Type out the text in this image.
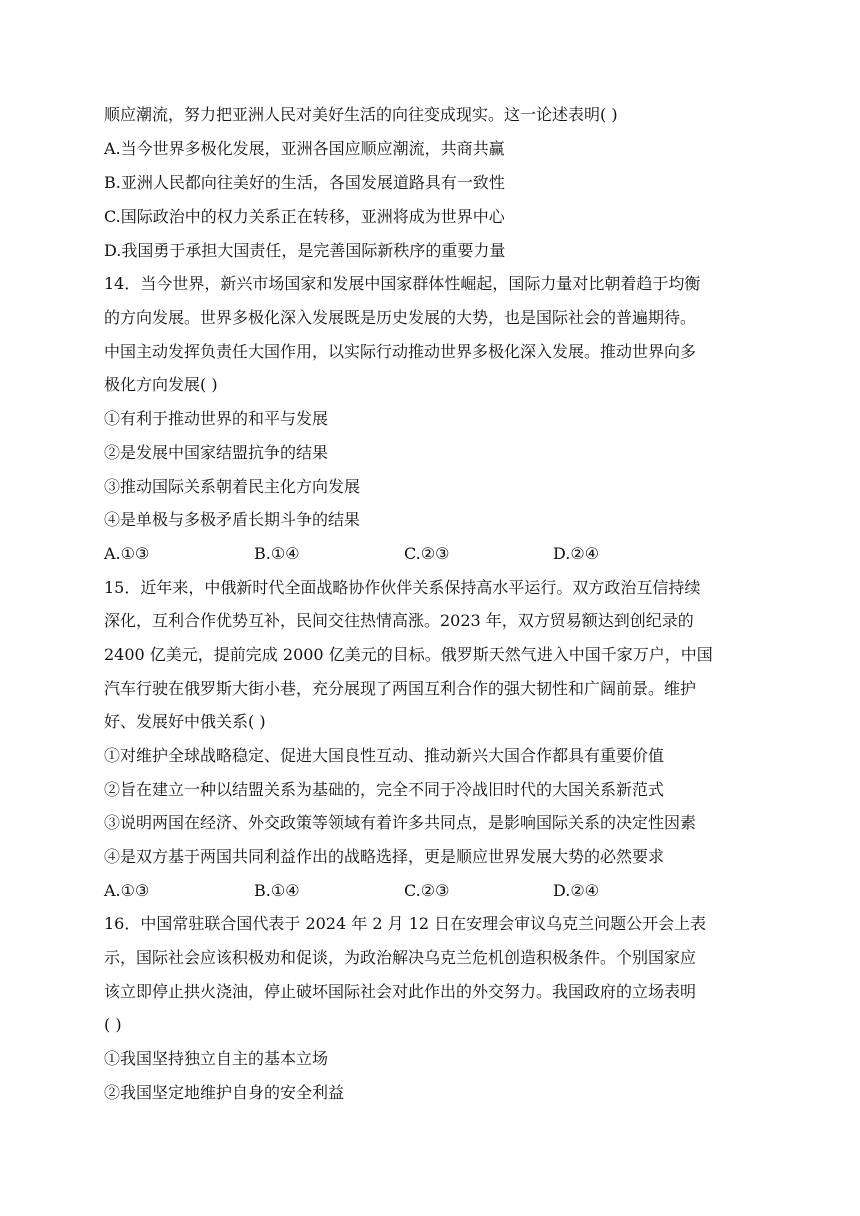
顺应潮流，努力把亚洲人民对美好生活的向往变成现实。这一论述表明( )
A.当今世界多极化发展，亚洲各国应顺应潮流，共商共赢
B.亚洲人民都向往美好的生活，各国发展道路具有一致性
C.国际政治中的权力关系正在转移，亚洲将成为世界中心
D.我国勇于承担大国责任，是完善国际新秩序的重要力量
14．当今世界，新兴市场国家和发展中国家群体性崛起，国际力量对比朝着趋于均衡
的方向发展。世界多极化深入发展既是历史发展的大势，也是国际社会的普遍期待。
中国主动发挥负责任大国作用，以实际行动推动世界多极化深入发展。推动世界向多
极化方向发展( )
①有利于推动世界的和平与发展
②是发展中国家结盟抗争的结果
③推动国际关系朝着民主化方向发展
④是单极与多极矛盾长期斗争的结果
A.①③	B.①④	C.②③	D.②④
15．近年来，中俄新时代全面战略协作伙伴关系保持高水平运行。双方政治互信持续
深化，互利合作优势互补，民间交往热情高涨。2023 年，双方贸易额达到创纪录的
2400 亿美元，提前完成 2000 亿美元的目标。俄罗斯天然气进入中国千家万户，中国
汽车行驶在俄罗斯大街小巷，充分展现了两国互利合作的强大韧性和广阔前景。维护
好、发展好中俄关系( )
①对维护全球战略稳定、促进大国良性互动、推动新兴大国合作都具有重要价值
②旨在建立一种以结盟关系为基础的，完全不同于冷战旧时代的大国关系新范式
③说明两国在经济、外交政策等领域有着许多共同点，是影响国际关系的决定性因素
④是双方基于两国共同利益作出的战略选择，更是顺应世界发展大势的必然要求
A.①③	B.①④	C.②③	D.②④
16．中国常驻联合国代表于 2024 年 2 月 12 日在安理会审议乌克兰问题公开会上表
示，国际社会应该积极劝和促谈，为政治解决乌克兰危机创造积极条件。个别国家应
该立即停止拱火浇油，停止破坏国际社会对此作出的外交努力。我国政府的立场表明
( )
①我国坚持独立自主的基本立场
②我国坚定地维护自身的安全利益
